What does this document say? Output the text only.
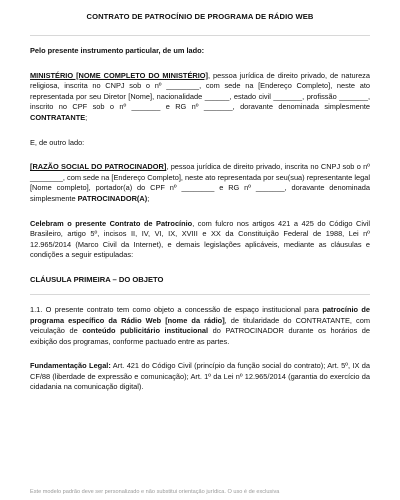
CONTRATO DE PATROCÍNIO DE PROGRAMA DE RÁDIO WEB

Pelo presente instrumento particular, de um lado:

MINISTÉRIO [NOME COMPLETO DO MINISTÉRIO], pessoa jurídica de direito privado, de natureza religiosa, inscrita no CNPJ sob o nº ________, com sede na [Endereço Completo], neste ato representada por seu Diretor [Nome], nacionalidade ______, estado civil _______, profissão _______, inscrito no CPF sob o nº _______ e RG nº _______, doravante denominada simplesmente CONTRATANTE;

E, de outro lado:

[RAZÃO SOCIAL DO PATROCINADOR], pessoa jurídica de direito privado, inscrita no CNPJ sob o nº ________, com sede na [Endereço Completo], neste ato representada por seu(sua) representante legal [Nome completo], portador(a) do CPF nº ________ e RG nº _______, doravante denominada simplesmente PATROCINADOR(A);

Celebram o presente Contrato de Patrocínio, com fulcro nos artigos 421 a 425 do Código Civil Brasileiro, artigo 5º, incisos II, IV, VI, IX, XVIII e XX da Constituição Federal de 1988, Lei nº 12.965/2014 (Marco Civil da Internet), e demais legislações aplicáveis, mediante as cláusulas e condições a seguir estipuladas:

CLÁUSULA PRIMEIRA – DO OBJETO

1.1. O presente contrato tem como objeto a concessão de espaço institucional para patrocínio de programa específico da Rádio Web [nome da rádio], de titularidade do CONTRATANTE, com veiculação de conteúdo publicitário institucional do PATROCINADOR durante os horários de exibição dos programas, conforme pactuado entre as partes.

Fundamentação Legal: Art. 421 do Código Civil (princípio da função social do contrato); Art. 5º, IX da CF/88 (liberdade de expressão e comunicação); Art. 1º da Lei nº 12.965/2014 (garantia do exercício da cidadania na comunicação digital).

Este modelo padrão deve ser personalizado e não substitui orientação jurídica. O uso é de exclusiva
